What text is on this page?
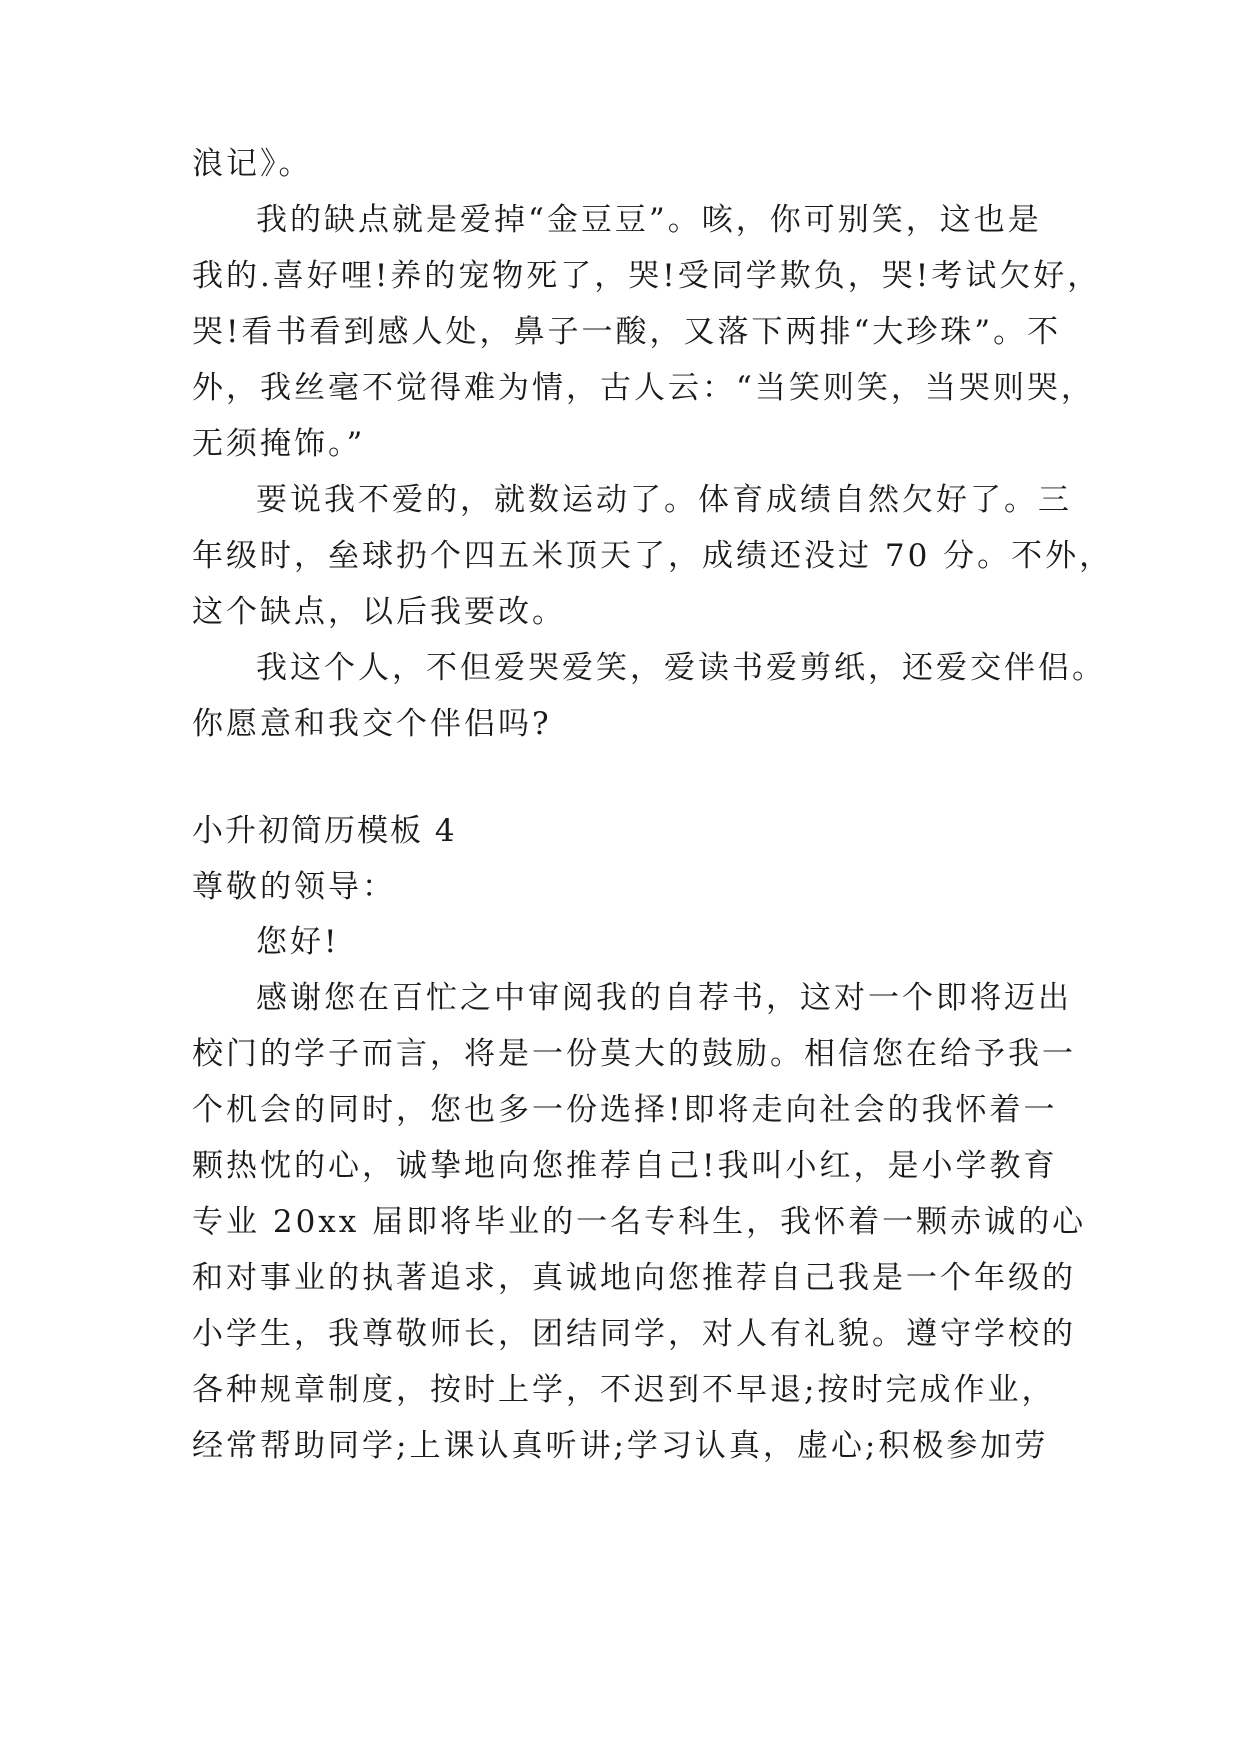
浪记》。
我的缺点就是爱掉“金豆豆”。咳，你可别笑，这也是
我的.喜好哩!养的宠物死了，哭!受同学欺负，哭!考试欠好，
哭!看书看到感人处，鼻子一酸，又落下两排“大珍珠”。不
外，我丝毫不觉得难为情，古人云：“当笑则笑，当哭则哭，
无须掩饰。”
要说我不爱的，就数运动了。体育成绩自然欠好了。三
年级时，垒球扔个四五米顶天了，成绩还没过 70 分。不外，
这个缺点，以后我要改。
我这个人，不但爱哭爱笑，爱读书爱剪纸，还爱交伴侣。
你愿意和我交个伴侣吗?
小升初简历模板 4
尊敬的领导：
您好!
感谢您在百忙之中审阅我的自荐书，这对一个即将迈出
校门的学子而言，将是一份莫大的鼓励。相信您在给予我一
个机会的同时，您也多一份选择!即将走向社会的我怀着一
颗热忱的心，诚挚地向您推荐自己!我叫小红，是小学教育
专业 20xx 届即将毕业的一名专科生，我怀着一颗赤诚的心
和对事业的执著追求，真诚地向您推荐自己我是一个年级的
小学生，我尊敬师长，团结同学，对人有礼貌。遵守学校的
各种规章制度，按时上学，不迟到不早退;按时完成作业，
经常帮助同学;上课认真听讲;学习认真，虚心;积极参加劳
